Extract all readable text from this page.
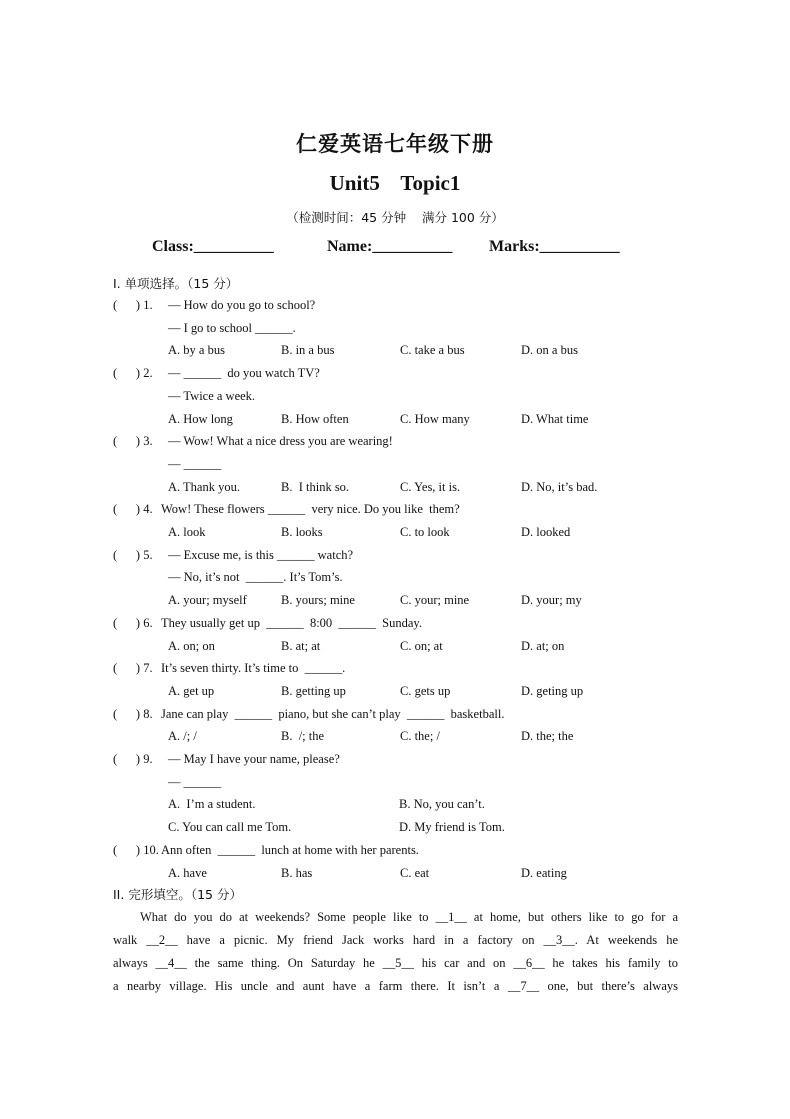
仁爱英语七年级下册
Unit5    Topic1
（检测时间：45 分钟    满分 100 分）
Class:__________	Name:__________ Marks:__________
I. 单项选择。（15 分）
(      ) 1. — How do you go to school?
— I go to school ______.
A. by a bus	B. in a bus	C. take a bus	D. on a bus
(      ) 2. — ______  do you watch TV?
— Twice a week.
A. How long	B. How often	C. How many	D. What time
(      ) 3. — Wow! What a nice dress you are wearing!
— ______
A. Thank you.	B.  I think so.	C. Yes, it is.	D. No, it’s bad.
(      ) 4. Wow! These flowers ______  very nice. Do you like  them?
A. look	B. looks	C. to look	D. looked
(      ) 5. — Excuse me, is this ______ watch?
— No, it’s not  ______. It’s Tom’s.
A. your; myself	B. yours; mine	C. your; mine	D. your; my
(      ) 6. They usually get up  ______  8:00  ______  Sunday.
A. on; on	B. at; at	C. on; at	D. at; on
(      ) 7. It’s seven thirty. It’s time to  ______.
A. get up	B. getting up	C. gets up	D. geting up
(      ) 8. Jane can play  ______  piano, but she can’t play  ______  basketball.
A. /; /	B.  /; the	C. the; /	D. the; the
(      ) 9. — May I have your name, please?
— ______
A.  I’m a student.	B. No, you can’t.
C. You can call me Tom.	D. My friend is Tom.
(      ) 10. Ann often  ______  lunch at home with her parents.
A. have	B. has	C. eat	D. eating
II. 完形填空。（15 分）
What do you do at weekends? Some people like to __1__ at home, but others like to go for a
walk __2__ have a picnic. My friend Jack works hard in a factory on __3__. At weekends he
always __4__ the same thing. On Saturday he __5__ his car and on __6__ he takes his family to
a nearby village. His uncle and aunt have a farm there. It isn’t a __7__ one, but there’s always
